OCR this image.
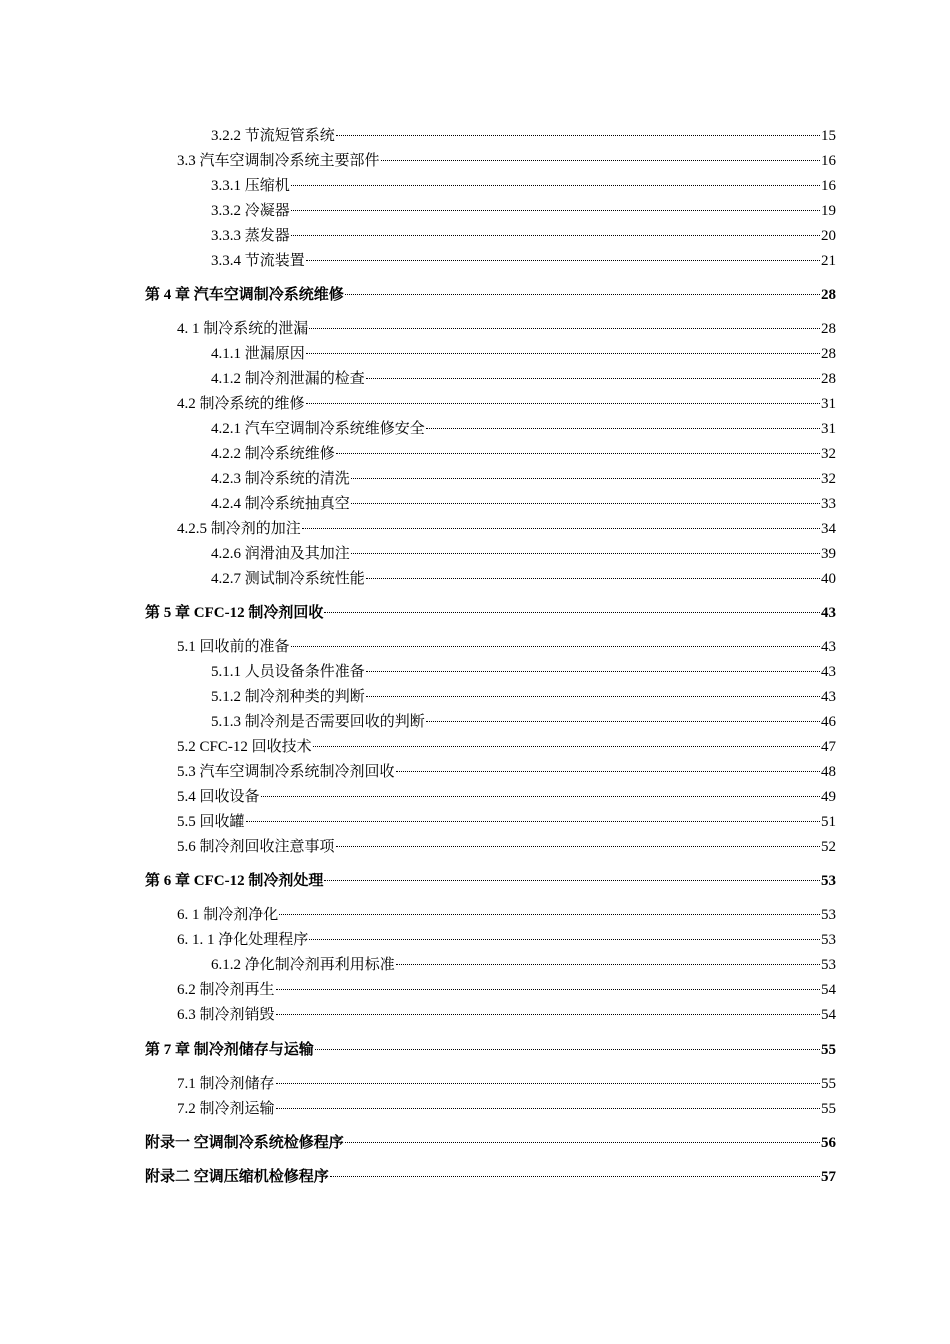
3.2.2 节流短管系统	15
3.3 汽车空调制冷系统主要部件	16
3.3.1 压缩机	16
3.3.2 冷凝器	19
3.3.3 蒸发器	20
3.3.4 节流装置	21
第 4 章 汽车空调制冷系统维修	28
4. 1 制冷系统的泄漏	28
4.1.1 泄漏原因	28
4.1.2 制冷剂泄漏的检查	28
4.2 制冷系统的维修	31
4.2.1 汽车空调制冷系统维修安全	31
4.2.2 制冷系统维修	32
4.2.3 制冷系统的清洗	32
4.2.4 制冷系统抽真空	33
4.2.5 制冷剂的加注	34
4.2.6 润滑油及其加注	39
4.2.7 测试制冷系统性能	40
第 5 章 CFC-12 制冷剂回收	43
5.1 回收前的准备	43
5.1.1 人员设备条件准备	43
5.1.2 制冷剂种类的判断	43
5.1.3 制冷剂是否需要回收的判断	46
5.2 CFC-12 回收技术	47
5.3 汽车空调制冷系统制冷剂回收	48
5.4 回收设备	49
5.5 回收罐	51
5.6 制冷剂回收注意事项	52
第 6 章 CFC-12 制冷剂处理	53
6. 1 制冷剂净化	53
6. 1. 1 净化处理程序	53
6.1.2 净化制冷剂再利用标准	53
6.2 制冷剂再生	54
6.3 制冷剂销毁	54
第 7 章 制冷剂储存与运输	55
7.1 制冷剂储存	55
7.2 制冷剂运输	55
附录一 空调制冷系统检修程序	56
附录二 空调压缩机检修程序	57
